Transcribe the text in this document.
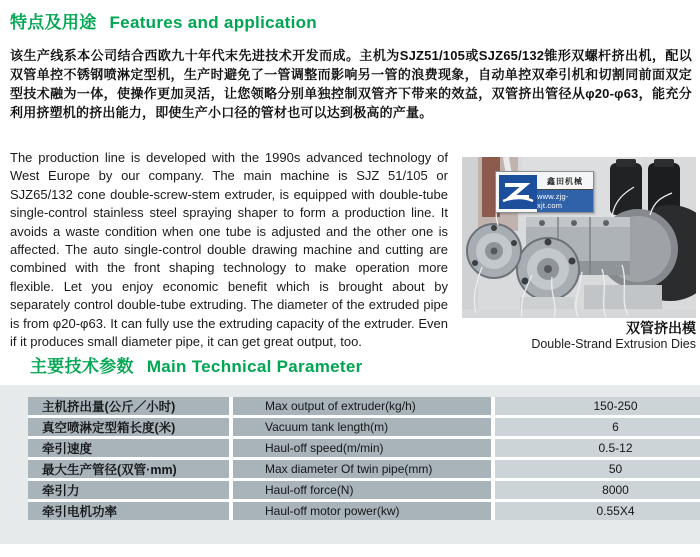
特点及用途 Features and application
该生产线系本公司结合西欧九十年代末先进技术开发而成。主机为SJZ51/105或SJZ65/132锥形双螺杆挤出机，配以双管单控不锈钢喷淋定型机，生产时避免了一管调整而影响另一管的浪费现象，自动单控双牵引机和切割同前面双定型技术融为一体，使操作更加灵活，让您领略分别单独控制双管齐下带来的效益，双管挤出管径从φ20-φ63，能充分利用挤塑机的挤出能力，即使生产小口径的管材也可以达到极高的产量。
The production line is developed with the 1990s advanced technology of West Europe by our company. The main machine is SJZ 51/105 or SJZ65/132 cone double-screw-stem extruder, is equipped with double-tube single-control stainless steel spraying shaper to form a production line. It avoids a waste condition when one tube is adjusted and the other one is affected. The auto single-control double drawing machine and cutting are combined with the front shaping technology to make operation more flexible. Let you enjoy economic benefit which is brought about by separately control double-tube extruding. The diameter of the extruded pipe is from φ20-φ63. It can fully use the extruding capacity of the extruder. Even if it produces small diameter pipe, it can get great output, too.
鑫田机械
www.zjg-xjt.com
双管挤出模
Double-Strand Extrusion Dies
主要技术参数 Main Technical Parameter
主机挤出量(公斤／小时)	Max output of extruder(kg/h)	150-250
真空喷淋定型箱长度(米)	Vacuum tank length(m)	6
牵引速度	Haul-off speed(m/min)	0.5-12
最大生产管径(双管·mm)	Max diameter Of twin pipe(mm)	50
牵引力	Haul-off force(N)	8000
牵引电机功率	Haul-off motor power(kw)	0.55X4
